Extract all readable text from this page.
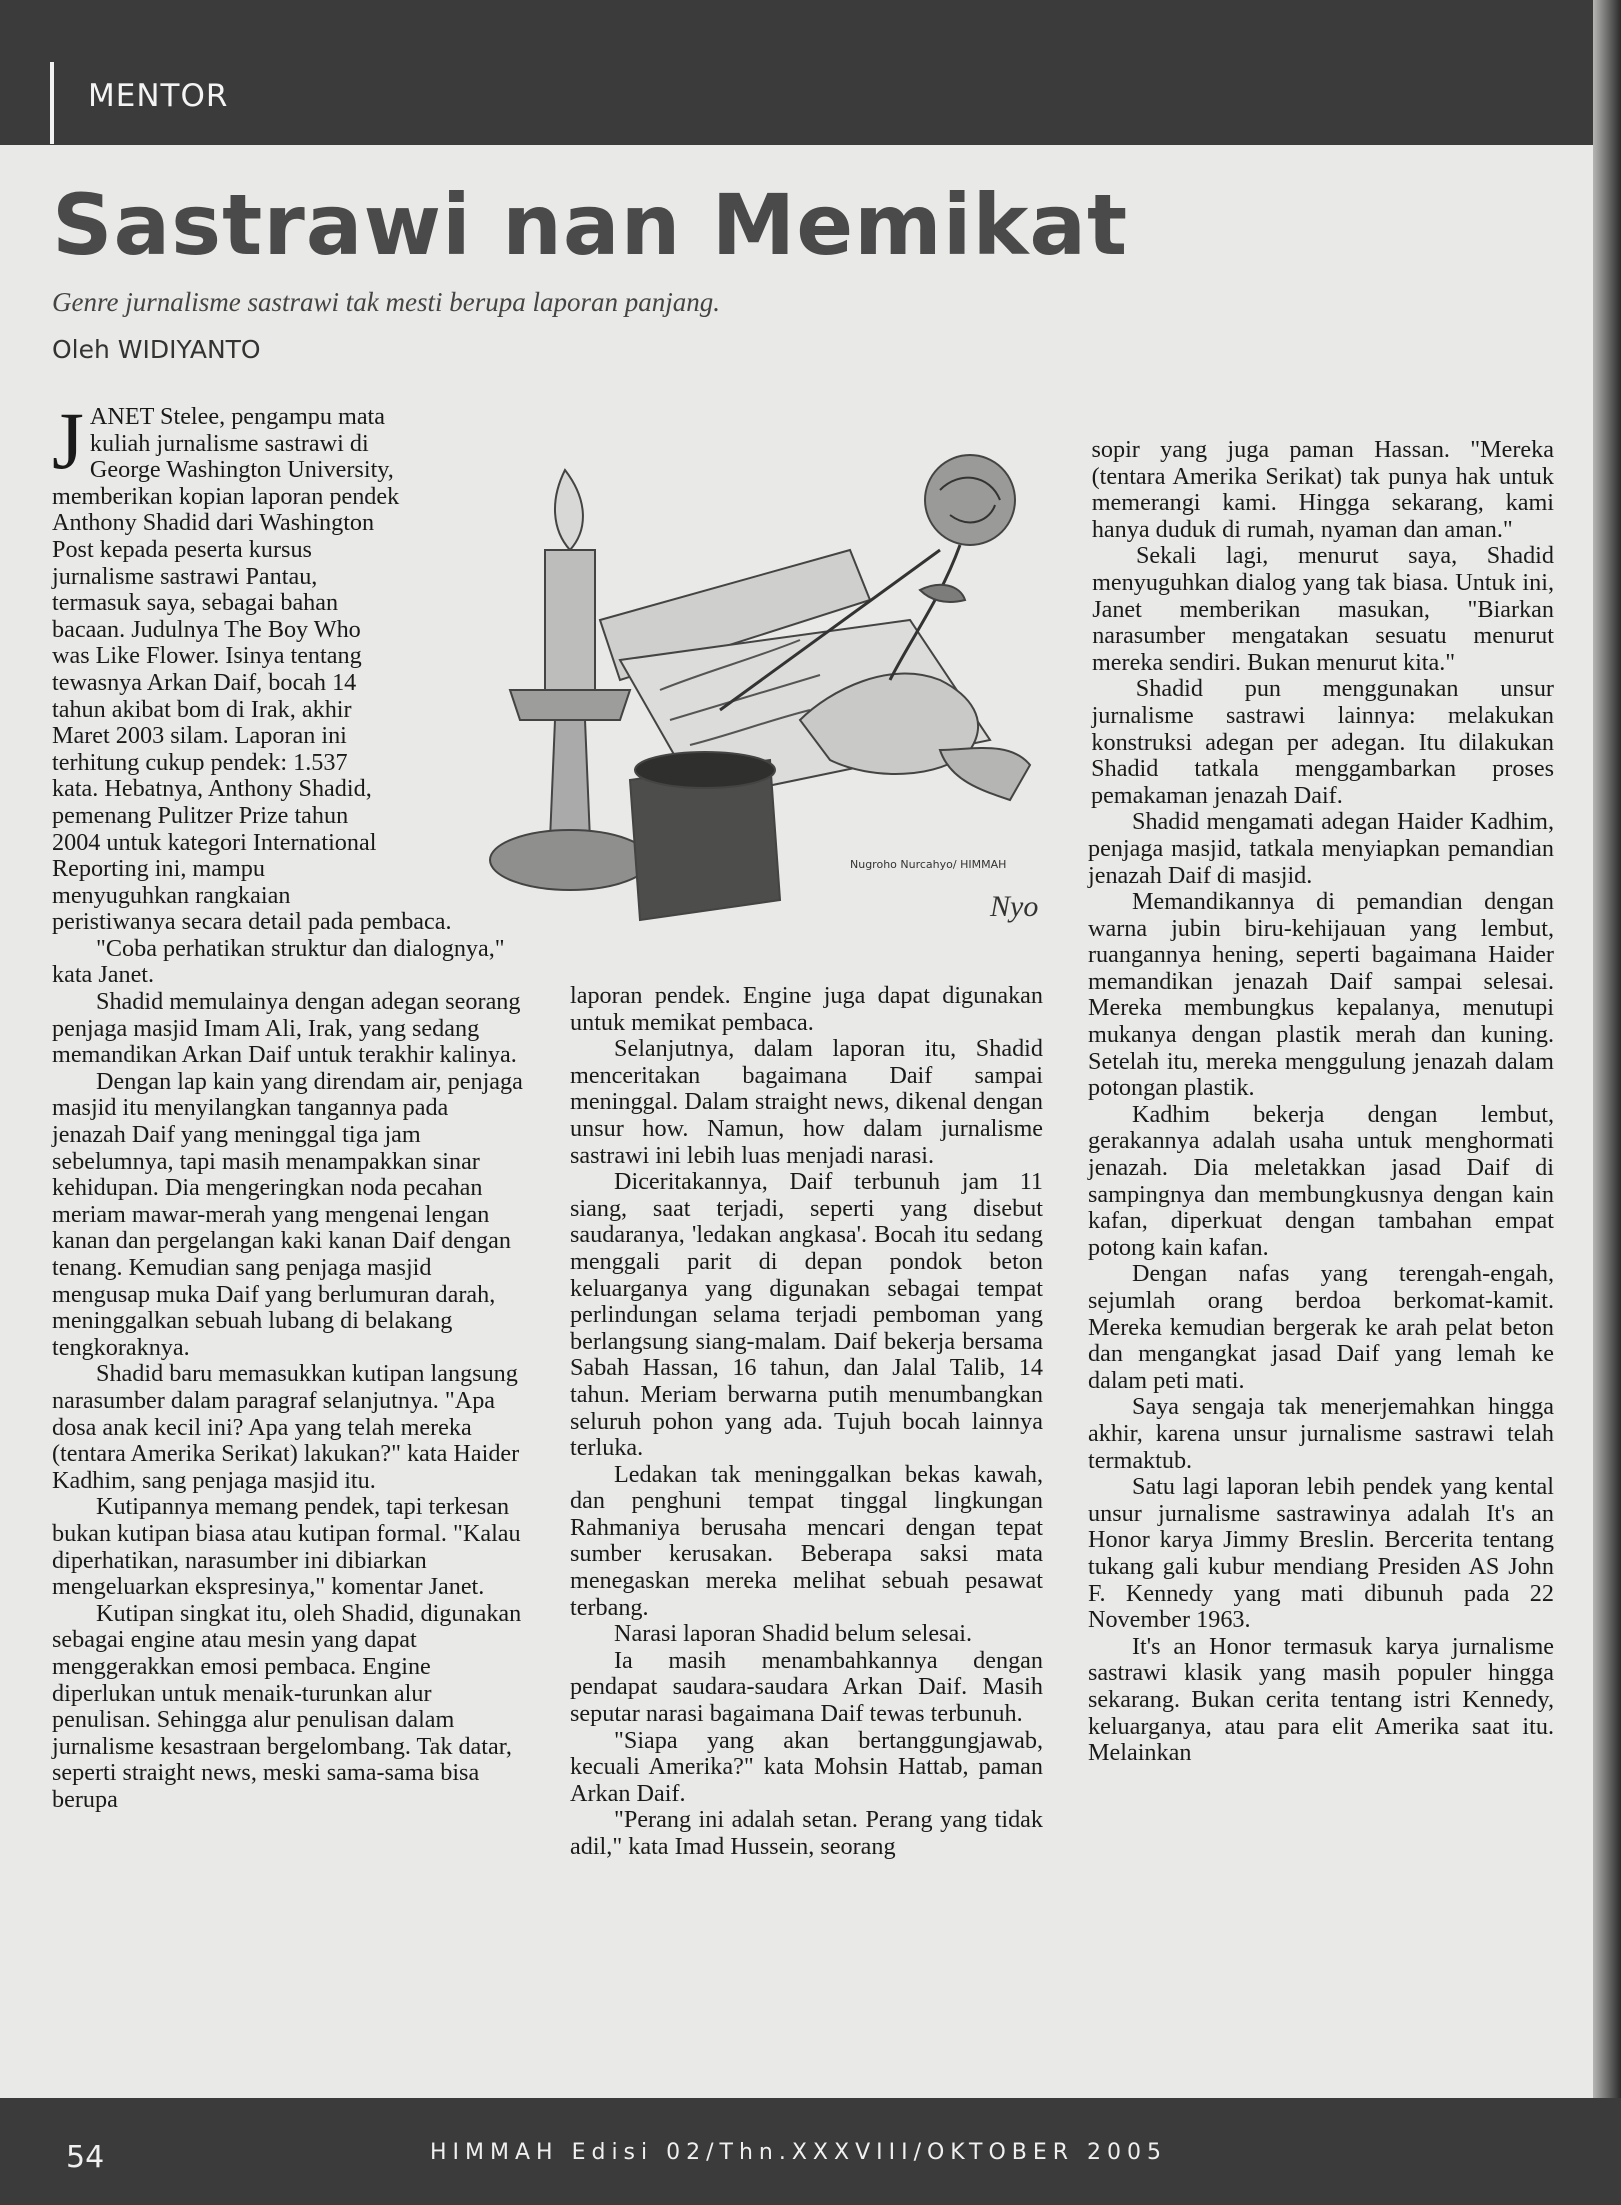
MENTOR
Sastrawi nan Memikat
Genre jurnalisme sastrawi tak mesti berupa laporan panjang.
Oleh WIDIYANTO
Nugroho Nurcahyo/ HIMMAH
Nyo
J ANET Stelee, pengampu mata kuliah jurnalisme sastrawi di George Washington University, memberikan kopian laporan pendek Anthony Shadid dari Washington Post kepada peserta kursus jurnalisme sastrawi Pantau, termasuk saya, sebagai bahan bacaan. Judulnya The Boy Who was Like Flower. Isinya tentang tewasnya Arkan Daif, bocah 14 tahun akibat bom di Irak, akhir Maret 2003 silam. Laporan ini terhitung cukup pendek: 1.537 kata. Hebatnya, Anthony Shadid, pemenang Pulitzer Prize tahun 2004 untuk kategori International Reporting ini, mampu menyuguhkan rangkaian peristiwanya secara detail pada pembaca.

"Coba perhatikan struktur dan dialognya," kata Janet.

Shadid memulainya dengan adegan seorang penjaga masjid Imam Ali, Irak, yang sedang memandikan Arkan Daif untuk terakhir kalinya.

Dengan lap kain yang direndam air, penjaga masjid itu menyilangkan tangannya pada jenazah Daif yang meninggal tiga jam sebelumnya, tapi masih menampakkan sinar kehidupan. Dia mengeringkan noda pecahan meriam mawar-merah yang mengenai lengan kanan dan pergelangan kaki kanan Daif dengan tenang. Kemudian sang penjaga masjid mengusap muka Daif yang berlumuran darah, meninggalkan sebuah lubang di belakang tengkoraknya.

Shadid baru memasukkan kutipan langsung narasumber dalam paragraf selanjutnya. "Apa dosa anak kecil ini? Apa yang telah mereka (tentara Amerika Serikat) lakukan?" kata Haider Kadhim, sang penjaga masjid itu.

Kutipannya memang pendek, tapi terkesan bukan kutipan biasa atau kutipan formal. "Kalau diperhatikan, narasumber ini dibiarkan mengeluarkan ekspresinya," komentar Janet.

Kutipan singkat itu, oleh Shadid, digunakan sebagai engine atau mesin yang dapat menggerakkan emosi pembaca. Engine diperlukan untuk menaik-turunkan alur penulisan. Sehingga alur penulisan dalam jurnalisme kesastraan bergelombang. Tak datar, seperti straight news, meski sama-sama bisa berupa

laporan pendek. Engine juga dapat digunakan untuk memikat pembaca.

Selanjutnya, dalam laporan itu, Shadid menceritakan bagaimana Daif sampai meninggal. Dalam straight news, dikenal dengan unsur how. Namun, how dalam jurnalisme sastrawi ini lebih luas menjadi narasi.

Diceritakannya, Daif terbunuh jam 11 siang, saat terjadi, seperti yang disebut saudaranya, 'ledakan angkasa'. Bocah itu sedang menggali parit di depan pondok beton keluarganya yang digunakan sebagai tempat perlindungan selama terjadi pemboman yang berlangsung siang-malam. Daif bekerja bersama Sabah Hassan, 16 tahun, dan Jalal Talib, 14 tahun. Meriam berwarna putih menumbangkan seluruh pohon yang ada. Tujuh bocah lainnya terluka.

Ledakan tak meninggalkan bekas kawah, dan penghuni tempat tinggal lingkungan Rahmaniya berusaha mencari dengan tepat sumber kerusakan. Beberapa saksi mata menegaskan mereka melihat sebuah pesawat terbang.

Narasi laporan Shadid belum selesai.

Ia masih menambahkannya dengan pendapat saudara-saudara Arkan Daif. Masih seputar narasi bagaimana Daif tewas terbunuh.

"Siapa yang akan bertanggungjawab, kecuali Amerika?" kata Mohsin Hattab, paman Arkan Daif.

"Perang ini adalah setan. Perang yang tidak adil," kata Imad Hussein, seorang

sopir yang juga paman Hassan. "Mereka (tentara Amerika Serikat) tak punya hak untuk memerangi kami. Hingga sekarang, kami hanya duduk di rumah, nyaman dan aman."

Sekali lagi, menurut saya, Shadid menyuguhkan dialog yang tak biasa. Untuk ini, Janet memberikan masukan, "Biarkan narasumber mengatakan sesuatu menurut mereka sendiri. Bukan menurut kita."

Shadid pun menggunakan unsur jurnalisme sastrawi lainnya: melakukan konstruksi adegan per adegan. Itu dilakukan Shadid tatkala menggambarkan proses pemakaman jenazah Daif.

Shadid mengamati adegan Haider Kadhim, penjaga masjid, tatkala menyiapkan pemandian jenazah Daif di masjid.

Memandikannya di pemandian dengan warna jubin biru-kehijauan yang lembut, ruangannya hening, seperti bagaimana Haider memandikan jenazah Daif sampai selesai. Mereka membungkus kepalanya, menutupi mukanya dengan plastik merah dan kuning. Setelah itu, mereka menggulung jenazah dalam potongan plastik.

Kadhim bekerja dengan lembut, gerakannya adalah usaha untuk menghormati jenazah. Dia meletakkan jasad Daif di sampingnya dan membungkusnya dengan kain kafan, diperkuat dengan tambahan empat potong kain kafan.

Dengan nafas yang terengah-engah, sejumlah orang berdoa berkomat-kamit. Mereka kemudian bergerak ke arah pelat beton dan mengangkat jasad Daif yang lemah ke dalam peti mati.

Saya sengaja tak menerjemahkan hingga akhir, karena unsur jurnalisme sastrawi telah termaktub.

Satu lagi laporan lebih pendek yang kental unsur jurnalisme sastrawinya adalah It's an Honor karya Jimmy Breslin. Bercerita tentang tukang gali kubur mendiang Presiden AS John F. Kennedy yang mati dibunuh pada 22 November 1963.

It's an Honor termasuk karya jurnalisme sastrawi klasik yang masih populer hingga sekarang. Bukan cerita tentang istri Kennedy, keluarganya, atau para elit Amerika saat itu. Melainkan

54	HIMMAH Edisi 02/Thn.XXXVIII/OKTOBER 2005
